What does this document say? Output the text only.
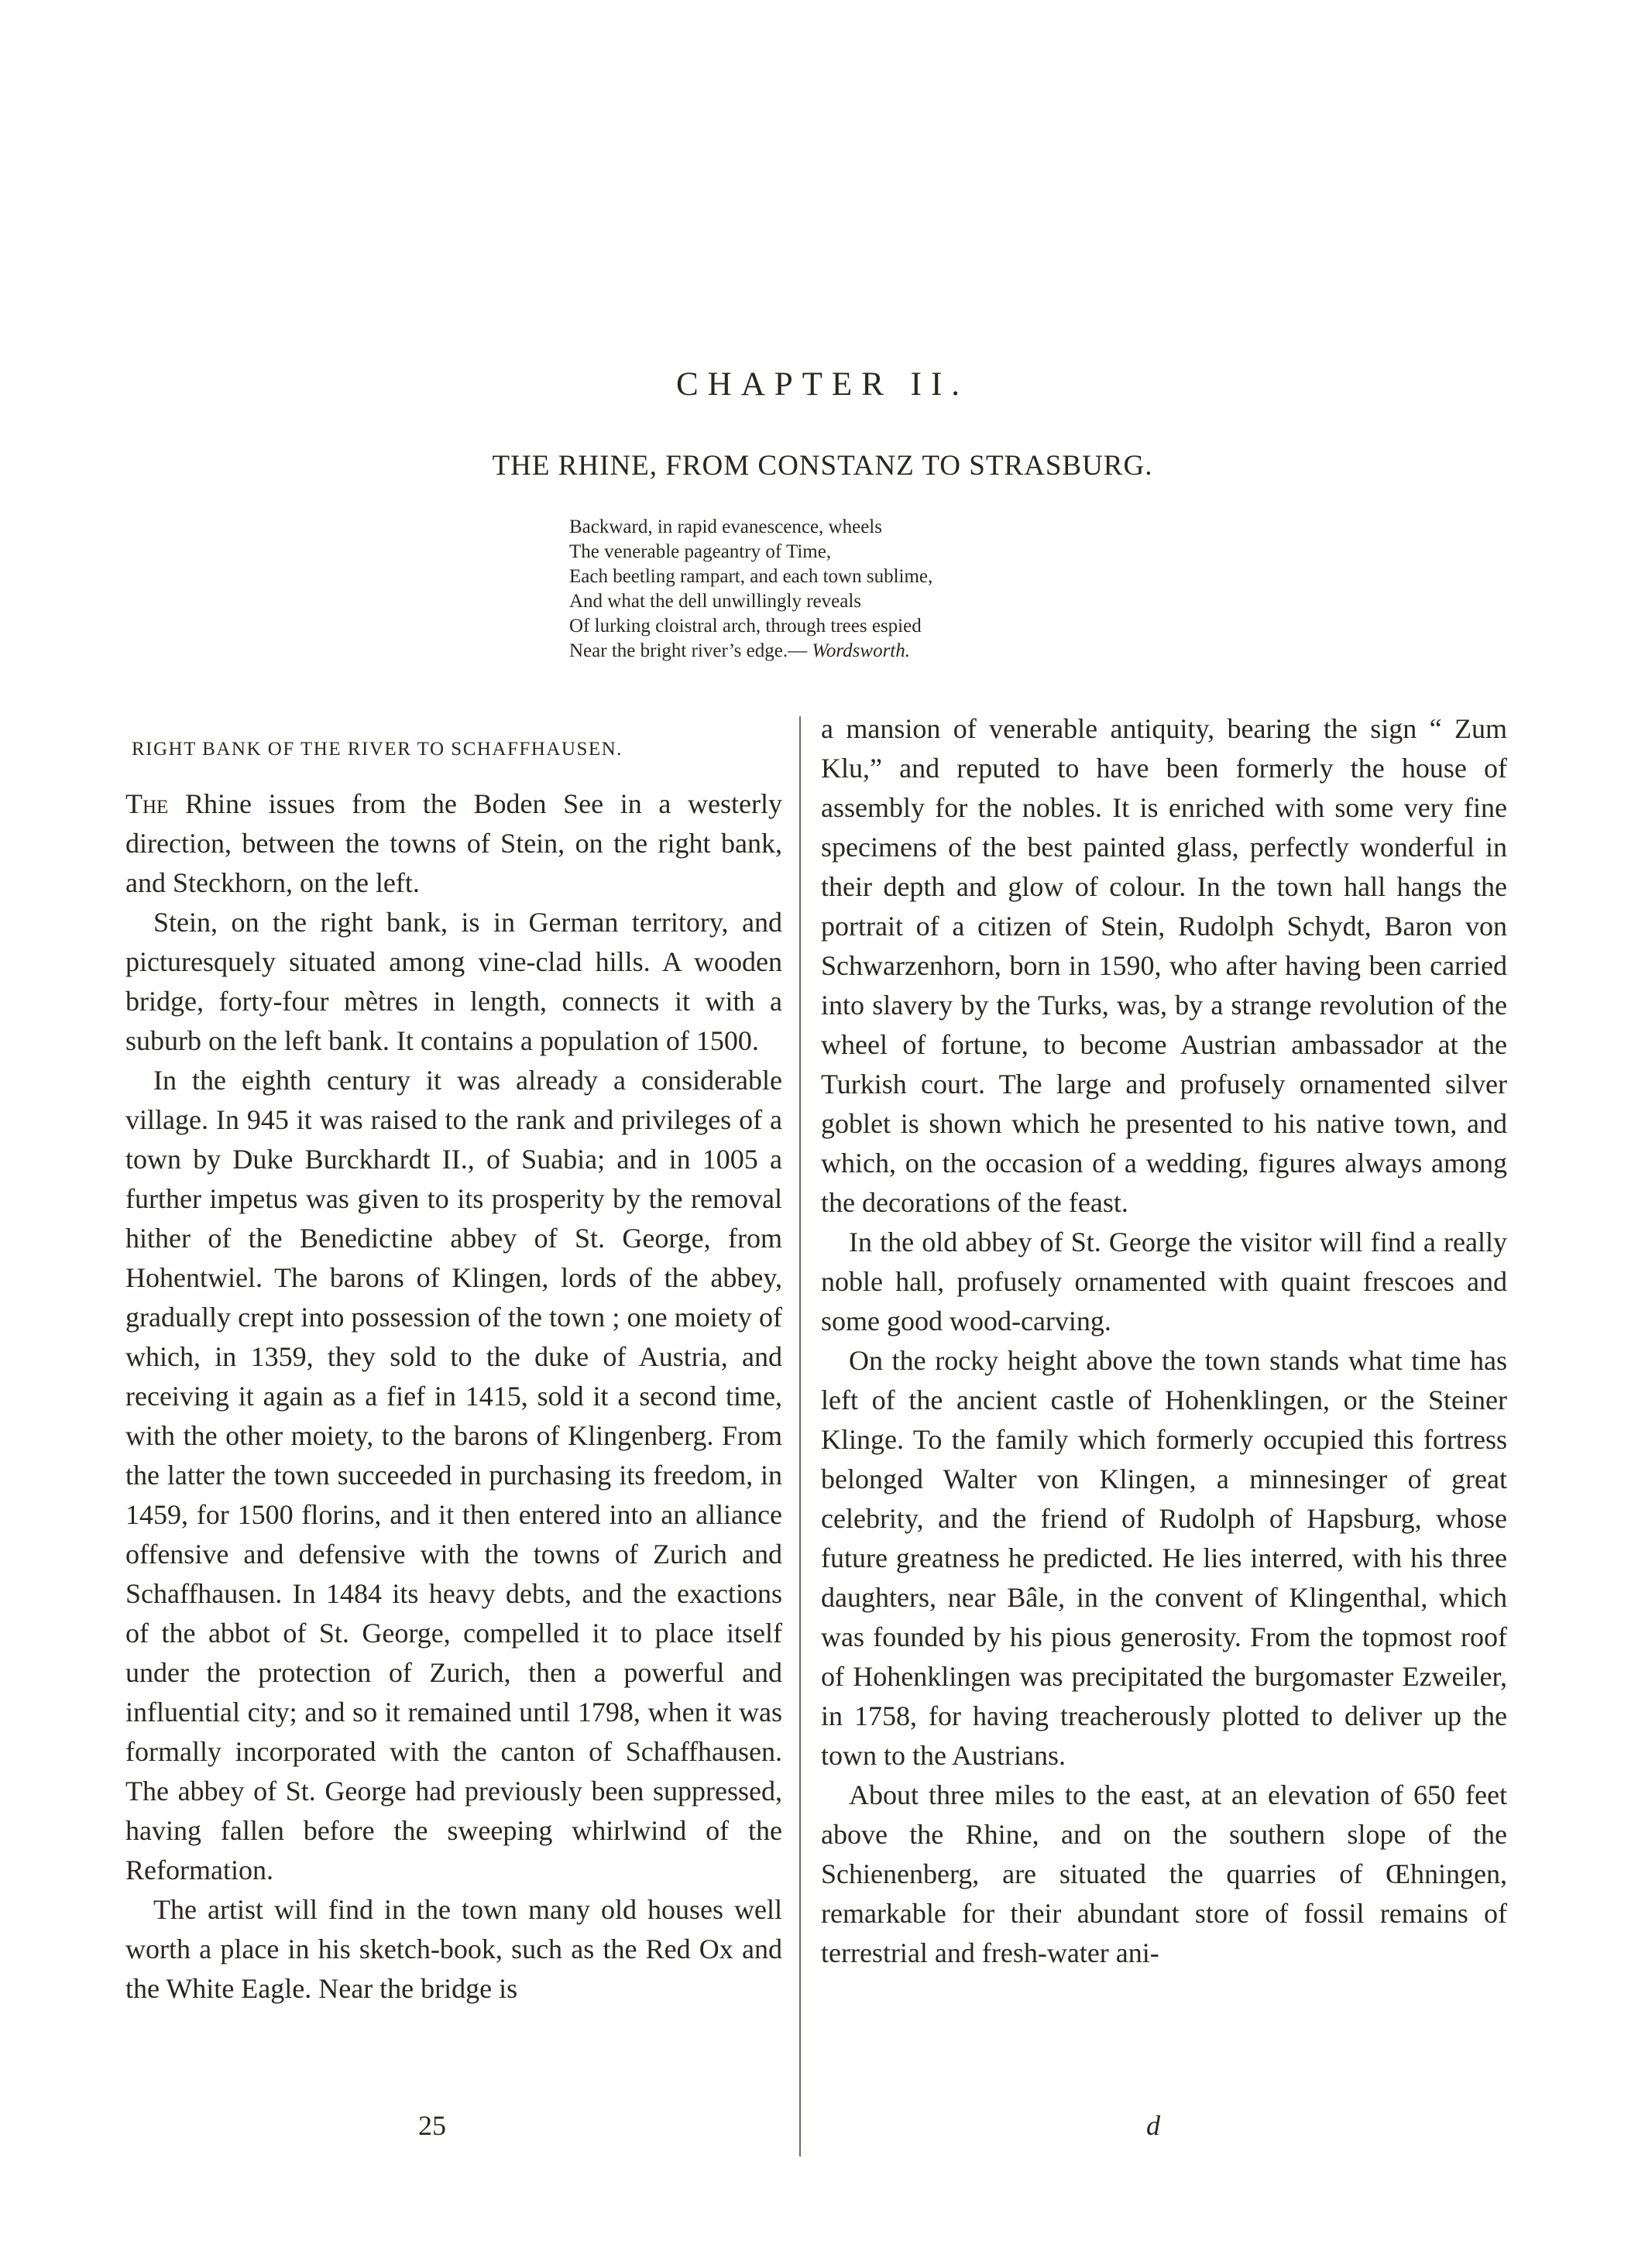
CHAPTER II.
THE RHINE, FROM CONSTANZ TO STRASBURG.
Backward, in rapid evanescence, wheels
The venerable pageantry of Time,
Each beetling rampart, and each town sublime,
And what the dell unwillingly reveals
Of lurking cloistral arch, through trees espied
Near the bright river’s edge.— Wordsworth.
RIGHT BANK OF THE RIVER TO SCHAFFHAUSEN.

The Rhine issues from the Boden See in a westerly direction, between the towns of Stein, on the right bank, and Steckhorn, on the left.

Stein, on the right bank, is in German territory, and picturesquely situated among vine-clad hills. A wooden bridge, forty-four mètres in length, connects it with a suburb on the left bank. It contains a population of 1500.

In the eighth century it was already a considerable village. In 945 it was raised to the rank and privileges of a town by Duke Burckhardt II., of Suabia; and in 1005 a further impetus was given to its prosperity by the removal hither of the Benedictine abbey of St. George, from Hohentwiel. The barons of Klingen, lords of the abbey, gradually crept into possession of the town ; one moiety of which, in 1359, they sold to the duke of Austria, and receiving it again as a fief in 1415, sold it a second time, with the other moiety, to the barons of Klingenberg. From the latter the town succeeded in purchasing its freedom, in 1459, for 1500 florins, and it then entered into an alliance offensive and defensive with the towns of Zurich and Schaffhausen. In 1484 its heavy debts, and the exactions of the abbot of St. George, compelled it to place itself under the protection of Zurich, then a powerful and influential city; and so it remained until 1798, when it was formally incorporated with the canton of Schaffhausen. The abbey of St. George had previously been suppressed, having fallen before the sweeping whirlwind of the Reformation.

The artist will find in the town many old houses well worth a place in his sketch-book, such as the Red Ox and the White Eagle. Near the bridge is

a mansion of venerable antiquity, bearing the sign “ Zum Klu,” and reputed to have been formerly the house of assembly for the nobles. It is enriched with some very fine specimens of the best painted glass, perfectly wonderful in their depth and glow of colour. In the town hall hangs the portrait of a citizen of Stein, Rudolph Schydt, Baron von Schwarzenhorn, born in 1590, who after having been carried into slavery by the Turks, was, by a strange revolution of the wheel of fortune, to become Austrian ambassador at the Turkish court. The large and profusely ornamented silver goblet is shown which he presented to his native town, and which, on the occasion of a wedding, figures always among the decorations of the feast.

In the old abbey of St. George the visitor will find a really noble hall, profusely ornamented with quaint frescoes and some good wood-carving.

On the rocky height above the town stands what time has left of the ancient castle of Hohenklingen, or the Steiner Klinge. To the family which formerly occupied this fortress belonged Walter von Klingen, a minnesinger of great celebrity, and the friend of Rudolph of Hapsburg, whose future greatness he predicted. He lies interred, with his three daughters, near Bâle, in the convent of Klingenthal, which was founded by his pious generosity. From the topmost roof of Hohenklingen was precipitated the burgomaster Ezweiler, in 1758, for having treacherously plotted to deliver up the town to the Austrians.

About three miles to the east, at an elevation of 650 feet above the Rhine, and on the southern slope of the Schienenberg, are situated the quarries of Œhningen, remarkable for their abundant store of fossil remains of terrestrial and fresh-water ani-

25	d
